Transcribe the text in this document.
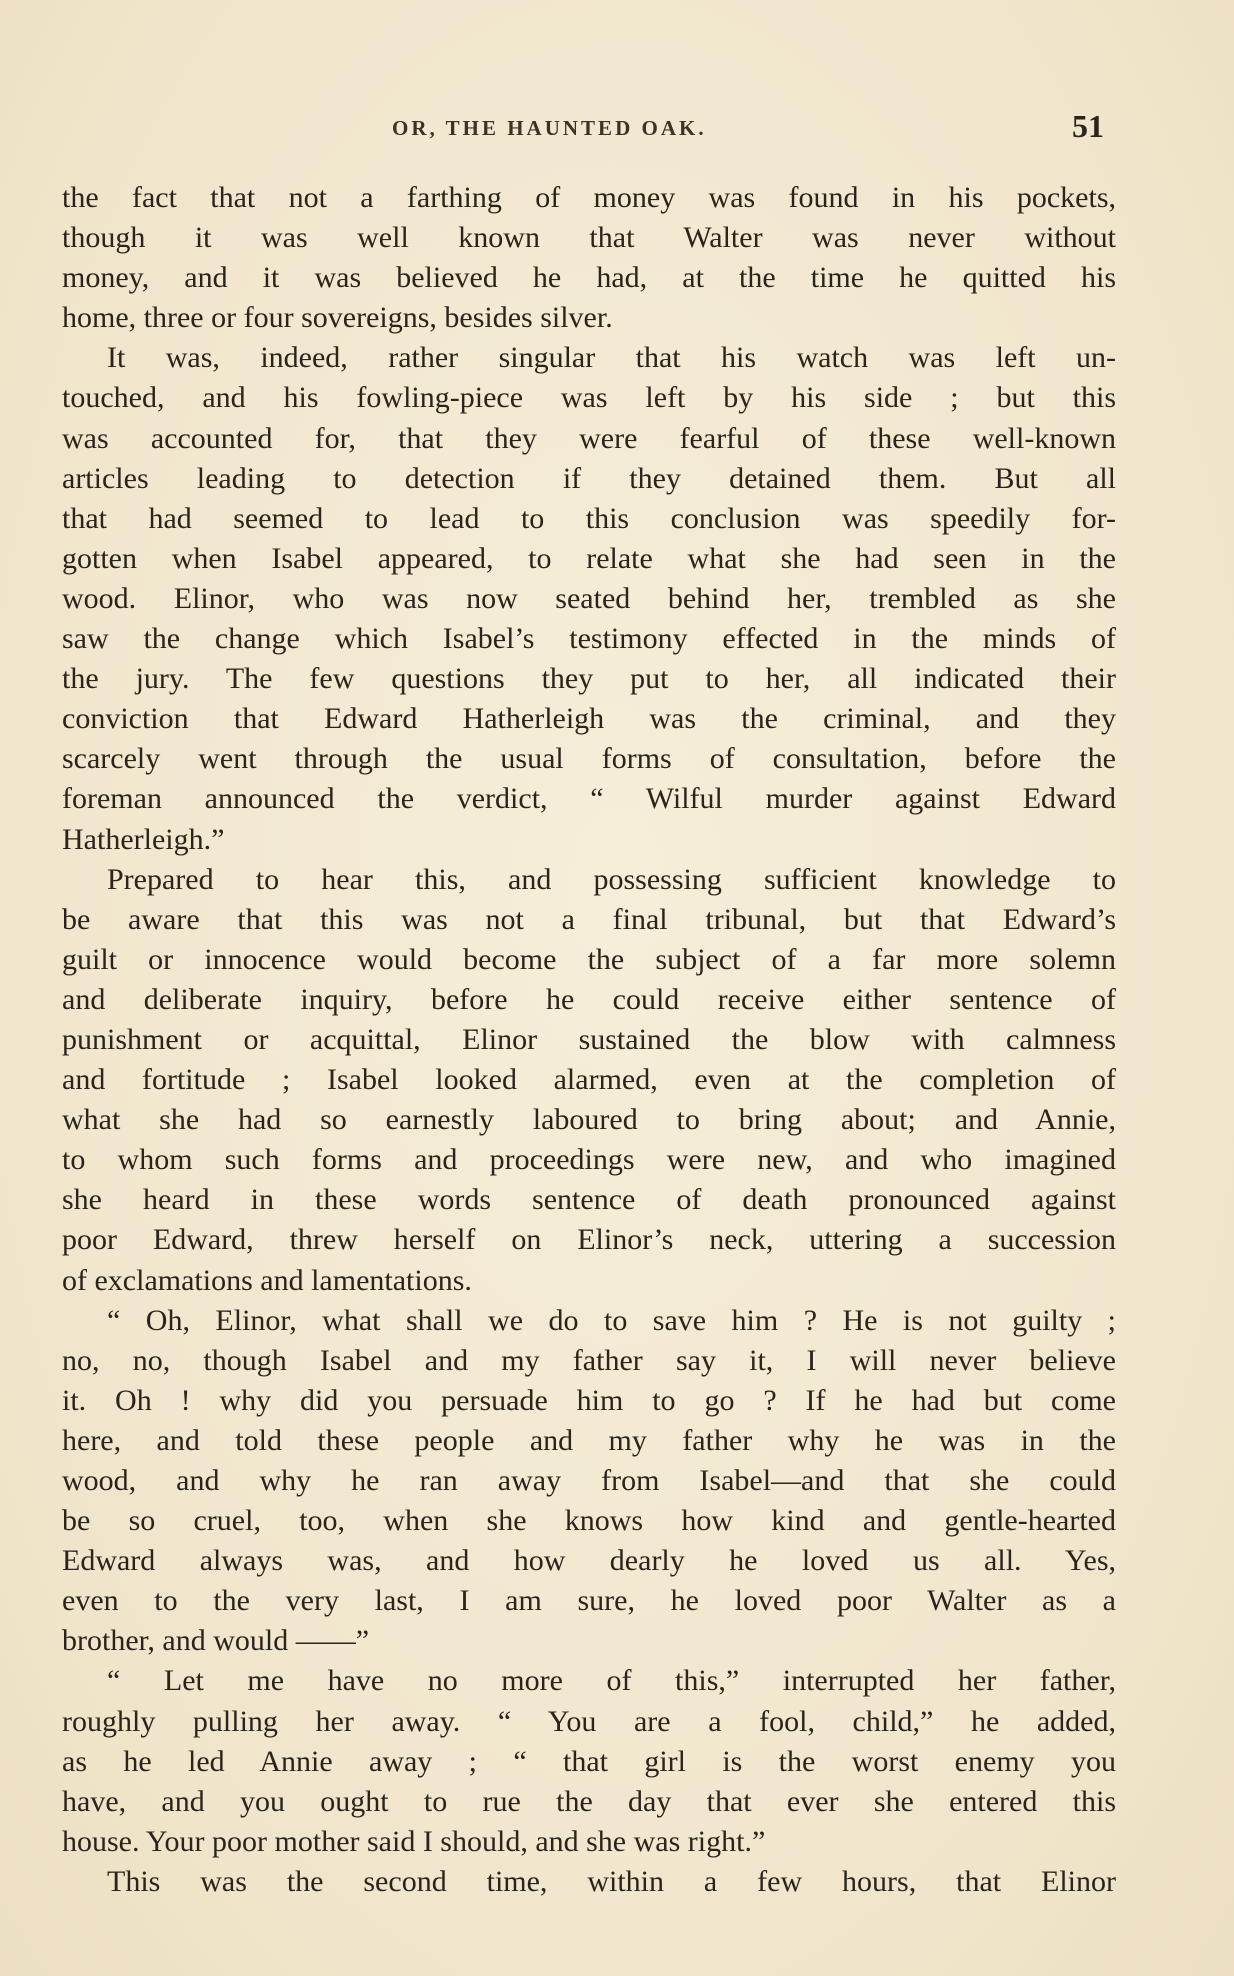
OR, THE HAUNTED OAK.	51
the fact that not a farthing of money was found in his pockets,
though it was well known that Walter was never without
money, and it was believed he had, at the time he quitted his
home, three or four sovereigns, besides silver.
It was, indeed, rather singular that his watch was left un-
touched, and his fowling-piece was left by his side ; but this
was accounted for, that they were fearful of these well-known
articles leading to detection if they detained them. But all
that had seemed to lead to this conclusion was speedily for-
gotten when Isabel appeared, to relate what she had seen in the
wood. Elinor, who was now seated behind her, trembled as she
saw the change which Isabel’s testimony effected in the minds of
the jury. The few questions they put to her, all indicated their
conviction that Edward Hatherleigh was the criminal, and they
scarcely went through the usual forms of consultation, before the
foreman announced the verdict, “ Wilful murder against Edward
Hatherleigh.”
Prepared to hear this, and possessing sufficient knowledge to
be aware that this was not a final tribunal, but that Edward’s
guilt or innocence would become the subject of a far more solemn
and deliberate inquiry, before he could receive either sentence of
punishment or acquittal, Elinor sustained the blow with calmness
and fortitude ; Isabel looked alarmed, even at the completion of
what she had so earnestly laboured to bring about; and Annie,
to whom such forms and proceedings were new, and who imagined
she heard in these words sentence of death pronounced against
poor Edward, threw herself on Elinor’s neck, uttering a succession
of exclamations and lamentations.
“ Oh, Elinor, what shall we do to save him ? He is not guilty ;
no, no, though Isabel and my father say it, I will never believe
it. Oh ! why did you persuade him to go ? If he had but come
here, and told these people and my father why he was in the
wood, and why he ran away from Isabel—and that she could
be so cruel, too, when she knows how kind and gentle-hearted
Edward always was, and how dearly he loved us all. Yes,
even to the very last, I am sure, he loved poor Walter as a
brother, and would ——”
“ Let me have no more of this,” interrupted her father,
roughly pulling her away. “ You are a fool, child,” he added,
as he led Annie away ; “ that girl is the worst enemy you
have, and you ought to rue the day that ever she entered this
house. Your poor mother said I should, and she was right.”
This was the second time, within a few hours, that Elinor
